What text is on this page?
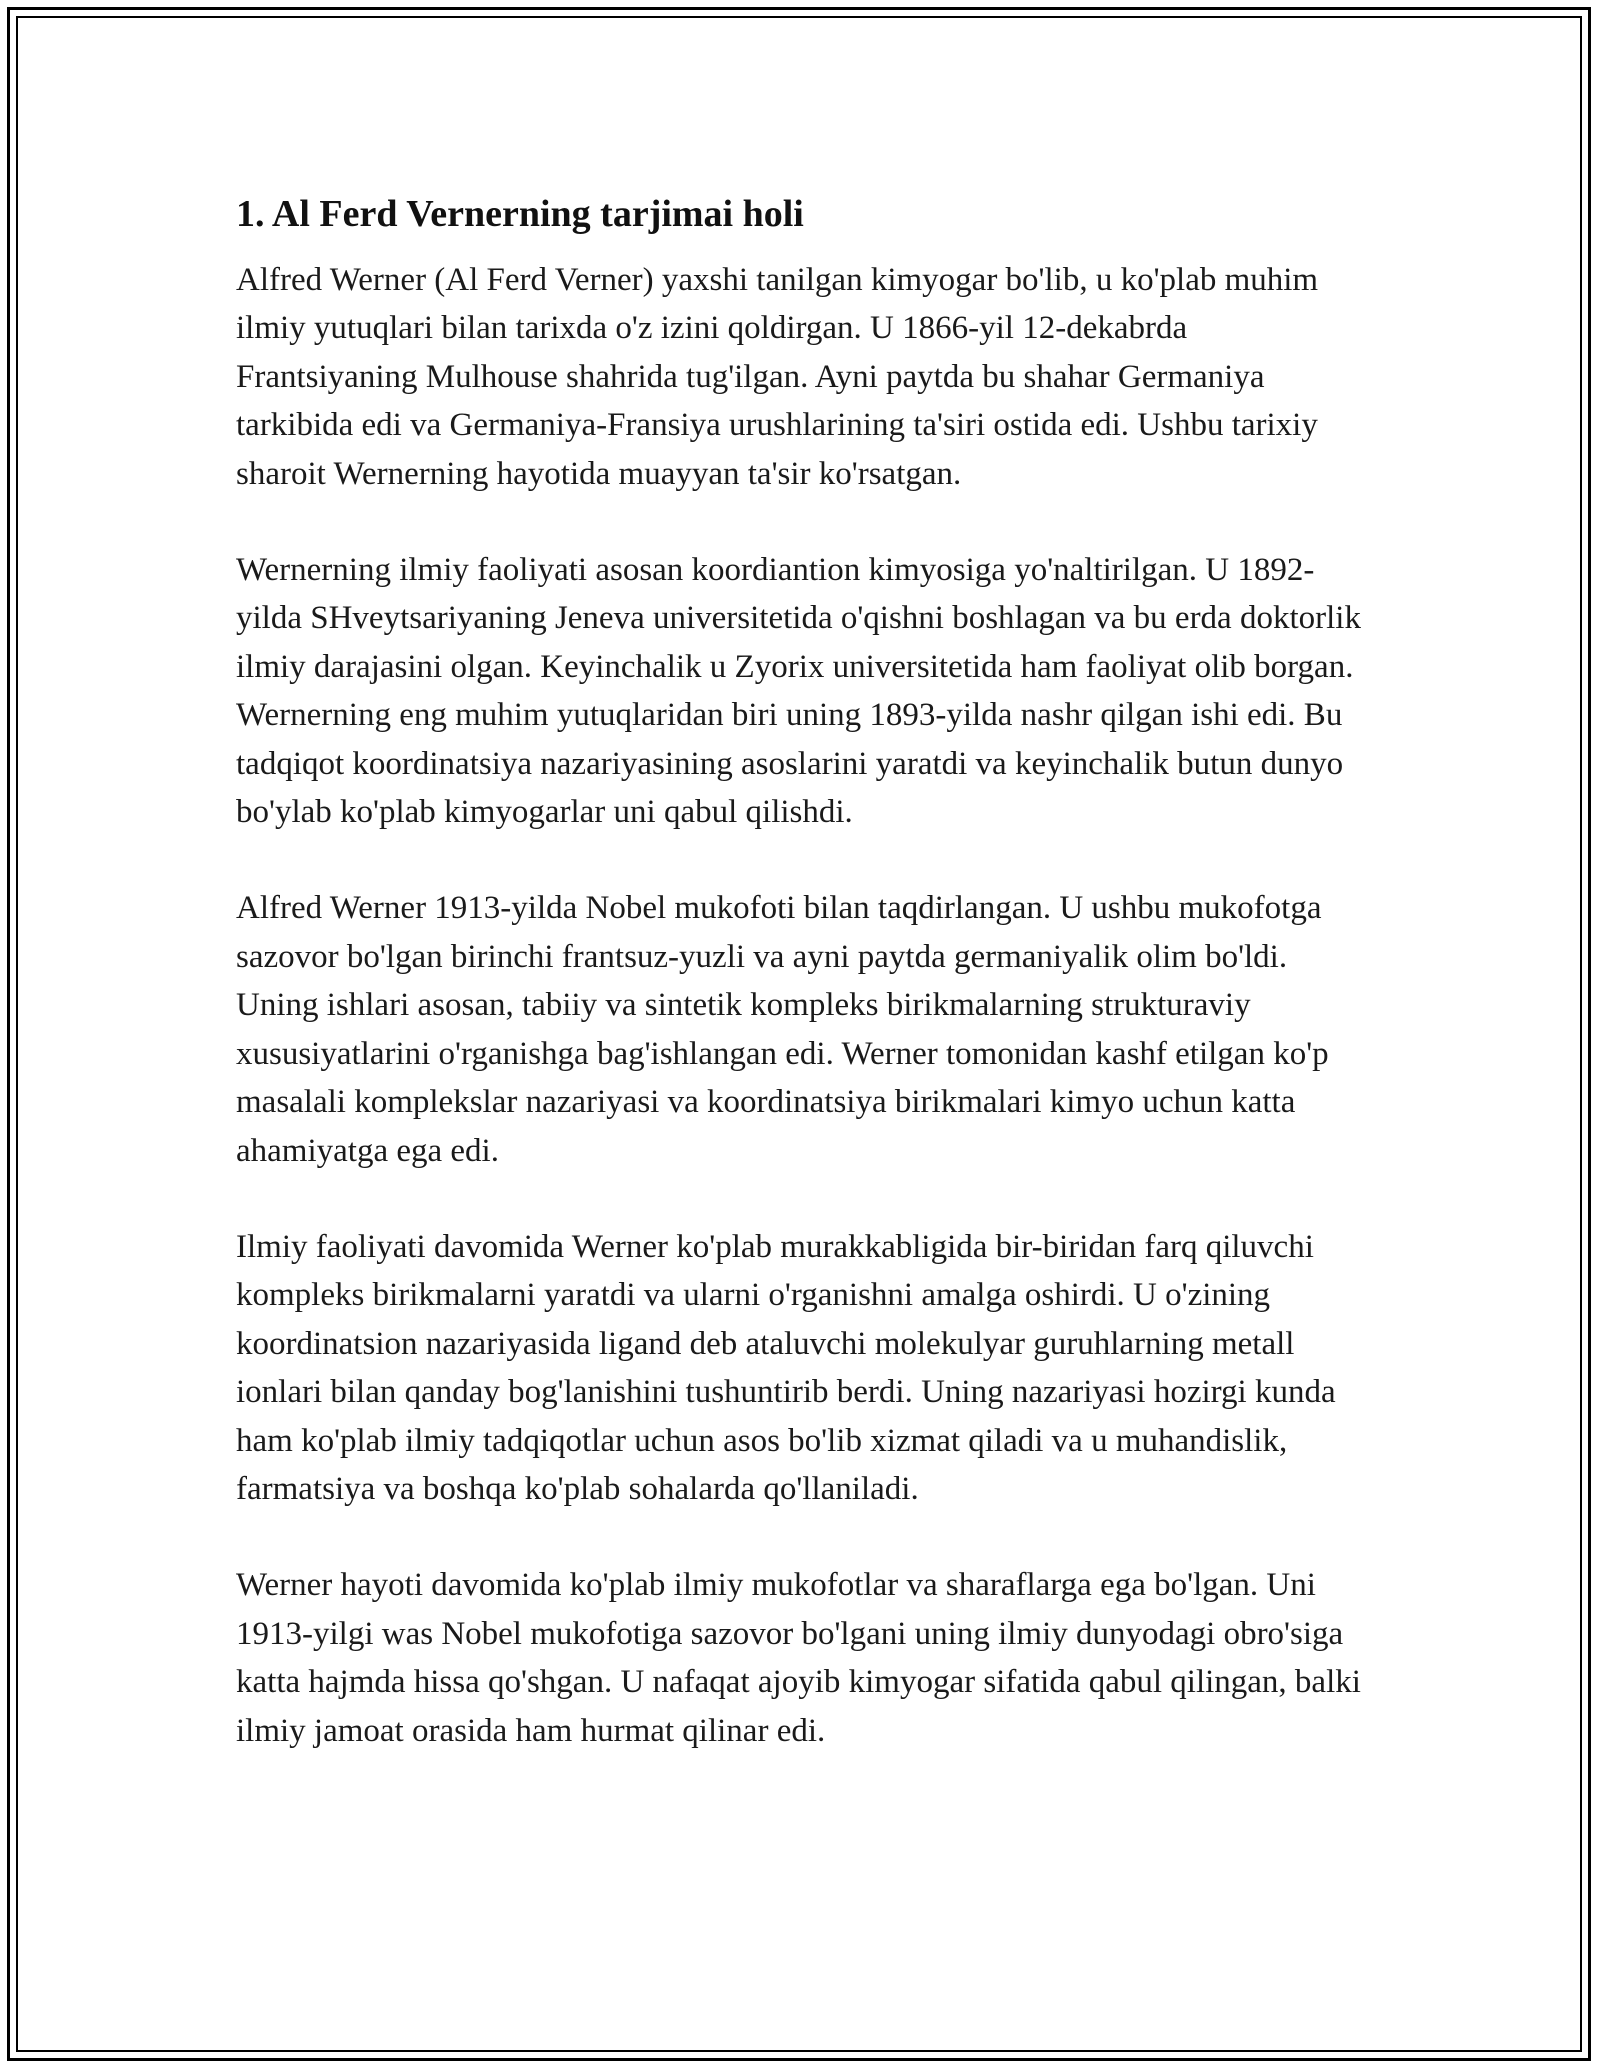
1. Al Ferd Vernerning tarjimai holi

Alfred Werner (Al Ferd Verner) yaxshi tanilgan kimyogar bo'lib, u ko'plab muhim ilmiy yutuqlari bilan tarixda o'z izini qoldirgan. U 1866-yil 12-dekabrda Frantsiyaning Mulhouse shahrida tug'ilgan. Ayni paytda bu shahar Germaniya tarkibida edi va Germaniya-Fransiya urushlarining ta'siri ostida edi. Ushbu tarixiy sharoit Wernerning hayotida muayyan ta'sir ko'rsatgan.

Wernerning ilmiy faoliyati asosan koordiantion kimyosiga yo'naltirilgan. U 1892-yilda SHveytsariyaning Jeneva universitetida o'qishni boshlagan va bu erda doktorlik ilmiy darajasini olgan. Keyinchalik u Zyorix universitetida ham faoliyat olib borgan. Wernerning eng muhim yutuqlaridan biri uning 1893-yilda nashr qilgan ishi edi. Bu tadqiqot koordinatsiya nazariyasining asoslarini yaratdi va keyinchalik butun dunyo bo'ylab ko'plab kimyogarlar uni qabul qilishdi.

Alfred Werner 1913-yilda Nobel mukofoti bilan taqdirlangan. U ushbu mukofotga sazovor bo'lgan birinchi frantsuz-yuzli va ayni paytda germaniyalik olim bo'ldi. Uning ishlari asosan, tabiiy va sintetik kompleks birikmalarning strukturaviy xususiyatlarini o'rganishga bag'ishlangan edi. Werner tomonidan kashf etilgan ko'p masalali komplekslar nazariyasi va koordinatsiya birikmalari kimyo uchun katta ahamiyatga ega edi.

Ilmiy faoliyati davomida Werner ko'plab murakkabligida bir-biridan farq qiluvchi kompleks birikmalarni yaratdi va ularni o'rganishni amalga oshirdi. U o'zining koordinatsion nazariyasida ligand deb ataluvchi molekulyar guruhlarning metall ionlari bilan qanday bog'lanishini tushuntirib berdi. Uning nazariyasi hozirgi kunda ham ko'plab ilmiy tadqiqotlar uchun asos bo'lib xizmat qiladi va u muhandislik, farmatsiya va boshqa ko'plab sohalarda qo'llaniladi.

Werner hayoti davomida ko'plab ilmiy mukofotlar va sharaflarga ega bo'lgan. Uni 1913-yilgi was Nobel mukofotiga sazovor bo'lgani uning ilmiy dunyodagi obro'siga katta hajmda hissa qo'shgan. U nafaqat ajoyib kimyogar sifatida qabul qilingan, balki ilmiy jamoat orasida ham hurmat qilinar edi.
